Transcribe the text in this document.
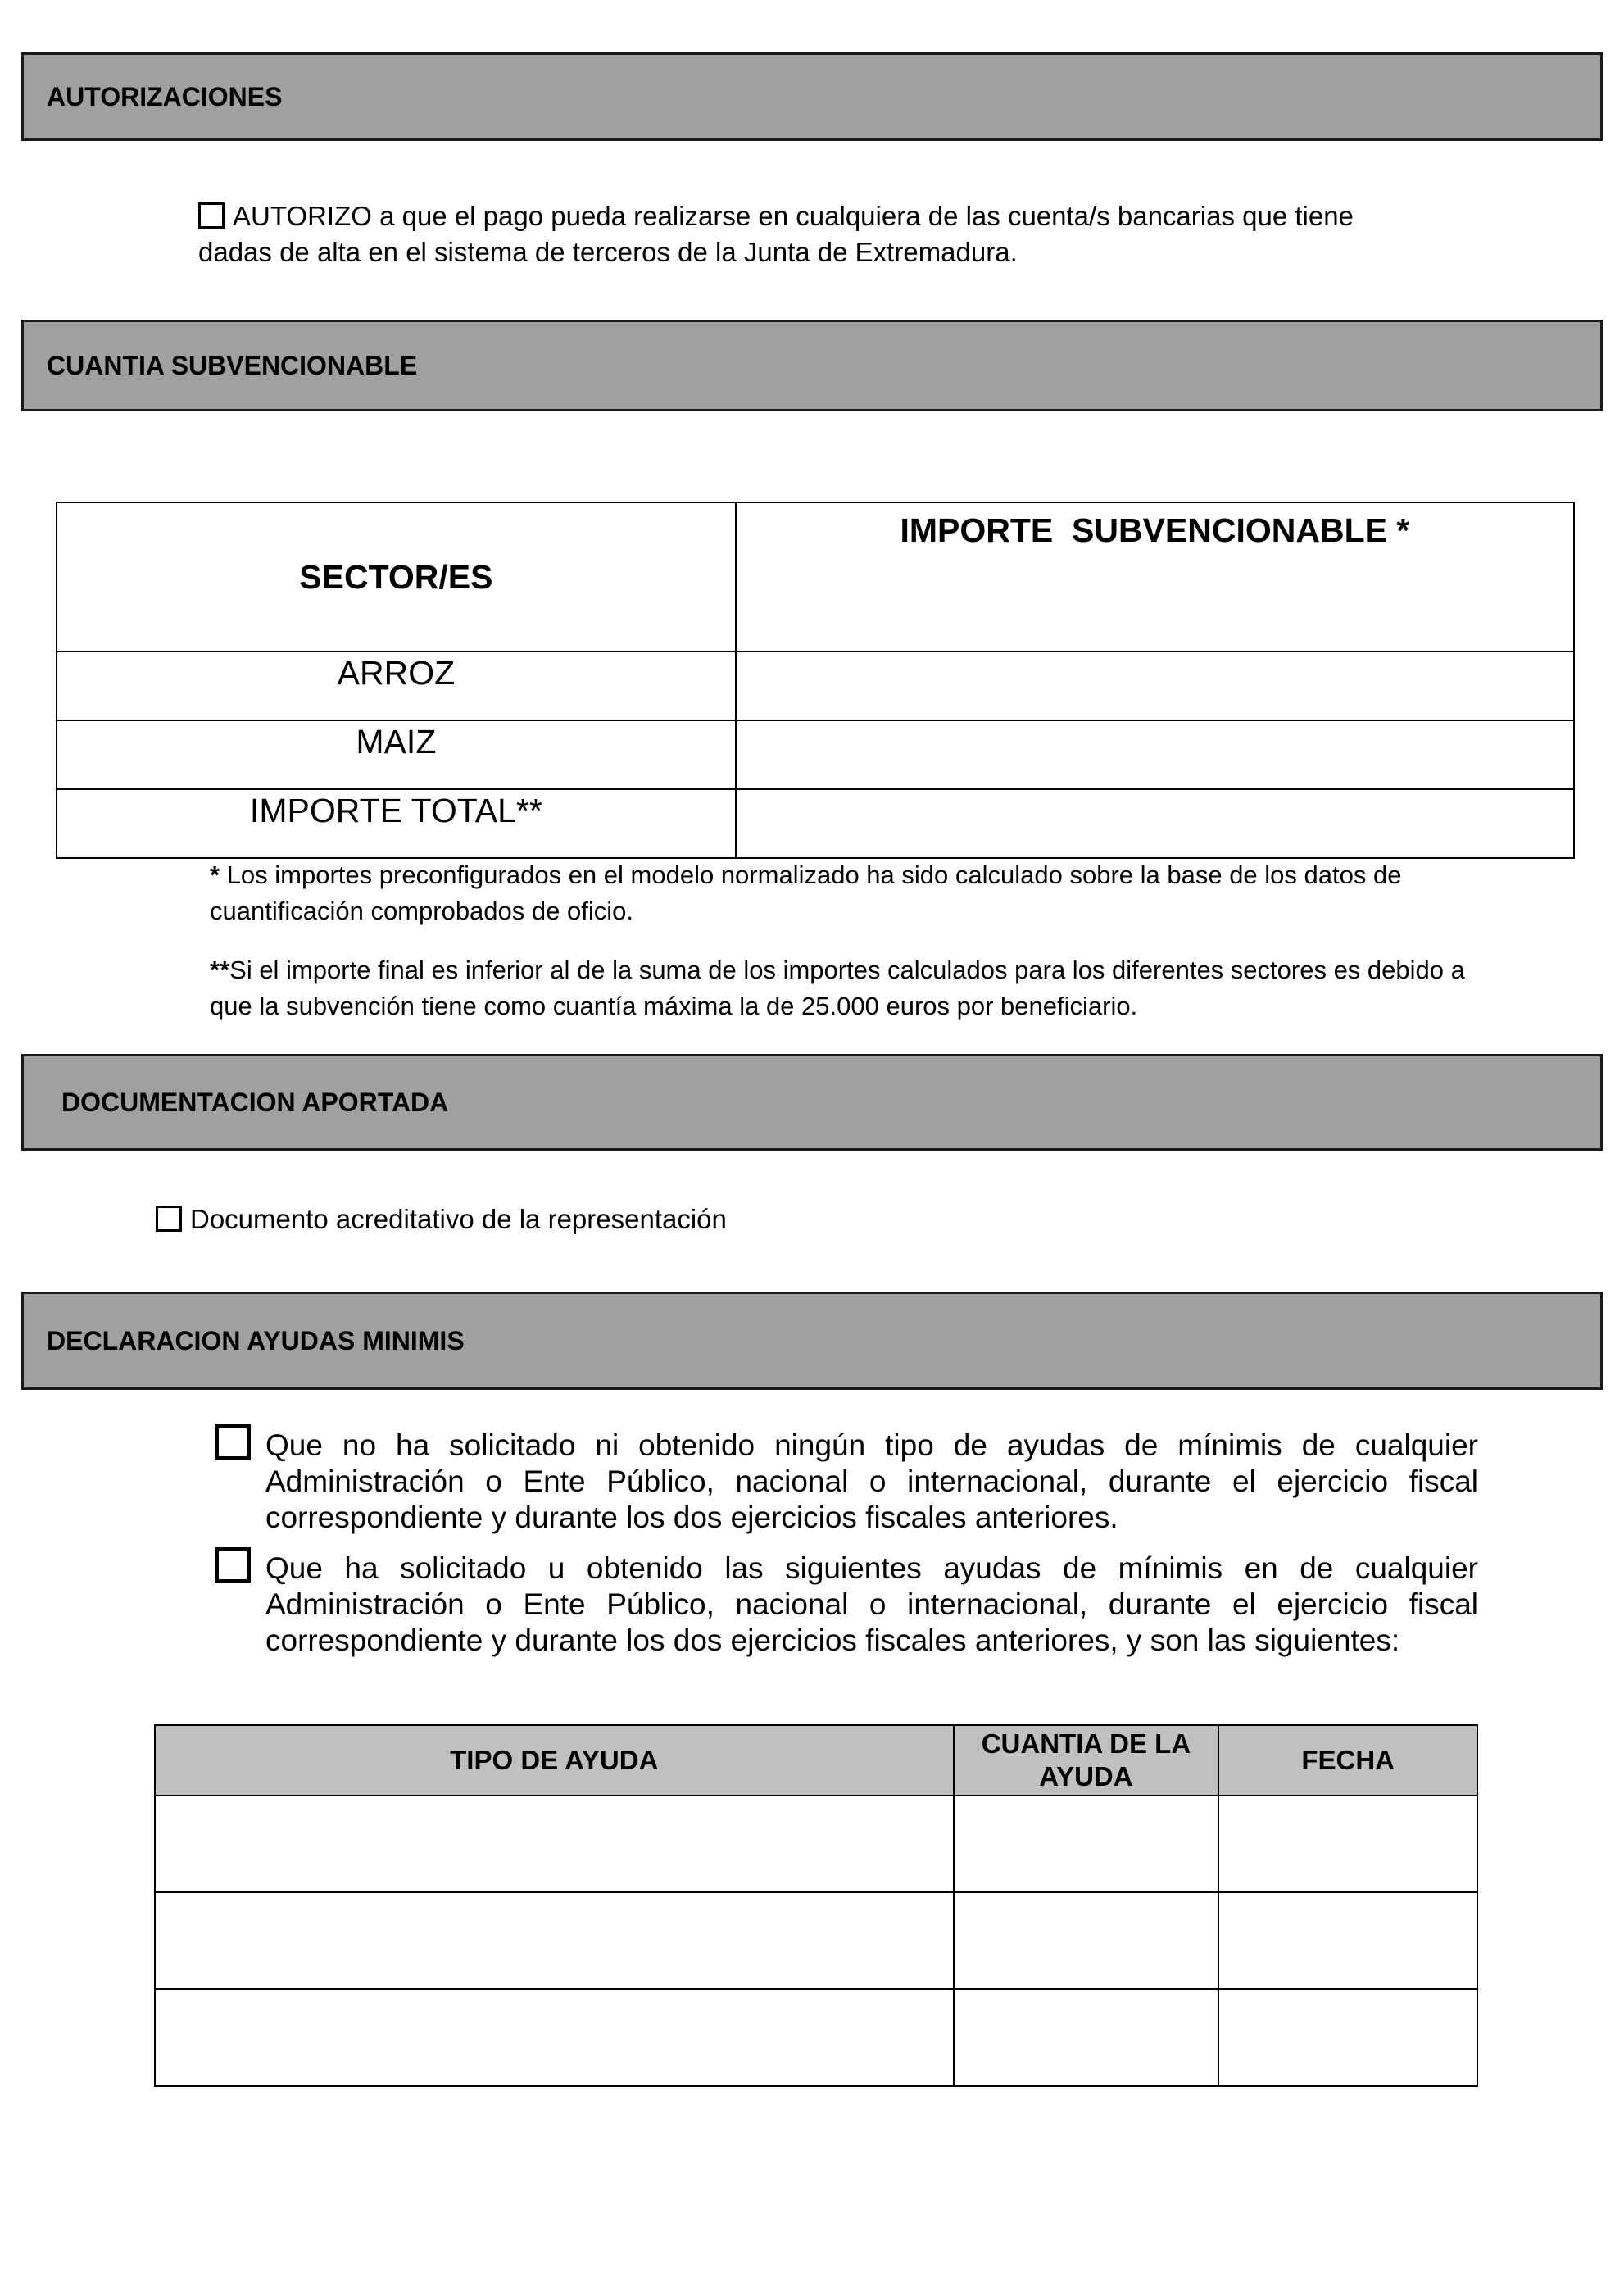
AUTORIZACIONES
AUTORIZO a que el pago pueda realizarse en cualquiera de las cuenta/s bancarias que tiene
dadas de alta en el sistema de terceros de la Junta de Extremadura.
CUANTIA SUBVENCIONABLE
SECTOR/ES	IMPORTE  SUBVENCIONABLE *
ARROZ	
MAIZ	
IMPORTE TOTAL**	
* Los importes preconfigurados en el modelo normalizado ha sido calculado sobre la base de los datos de cuantificación comprobados de oficio.
**Si el importe final es inferior al de la suma de los importes calculados para los diferentes sectores es debido a que la subvención tiene como cuantía máxima la de 25.000 euros por beneficiario.
DOCUMENTACION APORTADA
Documento acreditativo de la representación
DECLARACION AYUDAS MINIMIS
Que no ha solicitado ni obtenido ningún tipo de ayudas de mínimis de cualquier Administración o Ente Público, nacional o internacional, durante el ejercicio fiscal correspondiente y durante los dos ejercicios fiscales anteriores.
Que ha solicitado u obtenido las siguientes ayudas de mínimis en de cualquier Administración o Ente Público, nacional o internacional, durante el ejercicio fiscal correspondiente y durante los dos ejercicios fiscales anteriores, y son las siguientes:
TIPO DE AYUDA	CUANTIA DE LA AYUDA	FECHA
